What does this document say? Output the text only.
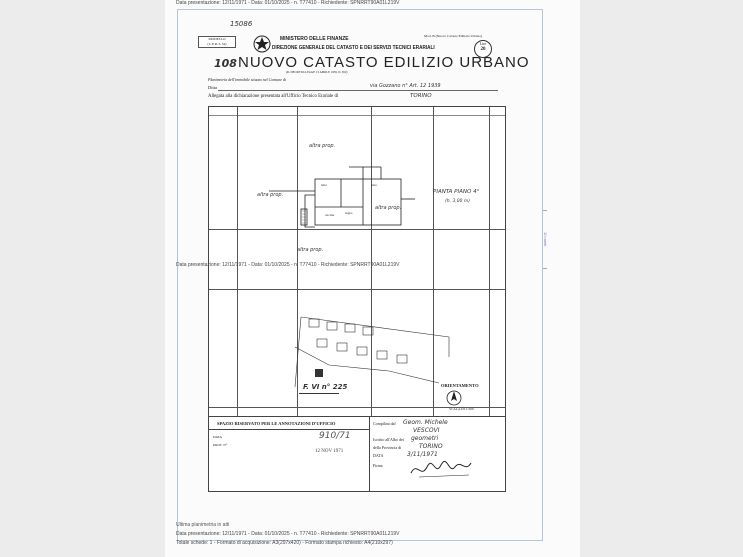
Data presentazione: 12/11/1971 - Data: 01/10/2025 - n. T77410 - Richiedente: SPNRRT90A01L219V
10 metri
15086
MODELLO
(C.E.R.T. 34)
MINISTERO DELLE FINANZE	Mod. B (Nuovo Catasto Edilizio Urbano)
DIREZIONE GENERALE DEL CATASTO E DEI SERVIZI TECNICI ERARIALI
Lire
20
108 NUOVO CATASTO EDILIZIO URBANO
(R. DECRETO-LEGGE 13 APRILE 1939, N. 652)
Planimetria dell'immobile situato nel Comune di
Ditta	via Gozzano n° Art. 12 1939
Allegata alla dichiarazione presentata all'Ufficio Tecnico Erariale di	TORINO
altra prop.
altra prop.
altra prop.
altra prop.
PIANTA PIANO 4°
(h. 3,00 m)
letto	letto
cucina	bagno
F. VI n° 225	ORIENTAMENTO
SCALA DI 1:200
SPAZIO RISERVATO PER LE ANNOTAZIONI D'UFFICIO
DATA
PROT. N°
910/71
12 NOV 1971
Compilata dal Geom. Michele
VESCOVI
Iscritto all'Albo dei geometri
della Provincia di	TORINO
DATA	3/11/1971
Firma
Ultima planimetria in atti
Data presentazione: 12/11/1971 - Data: 01/10/2025 - n. T77410 - Richiedente: SPNRRT90A01L219V
Totale schede: 1 - Formato di acquisizione: A3(297x420) - Formato stampa richiesto: A4(210x297)
Data presentazione: 12/11/1971 - Data: 01/10/2025 - n. T77410 - Richiedente: SPNRRT90A01L219V
